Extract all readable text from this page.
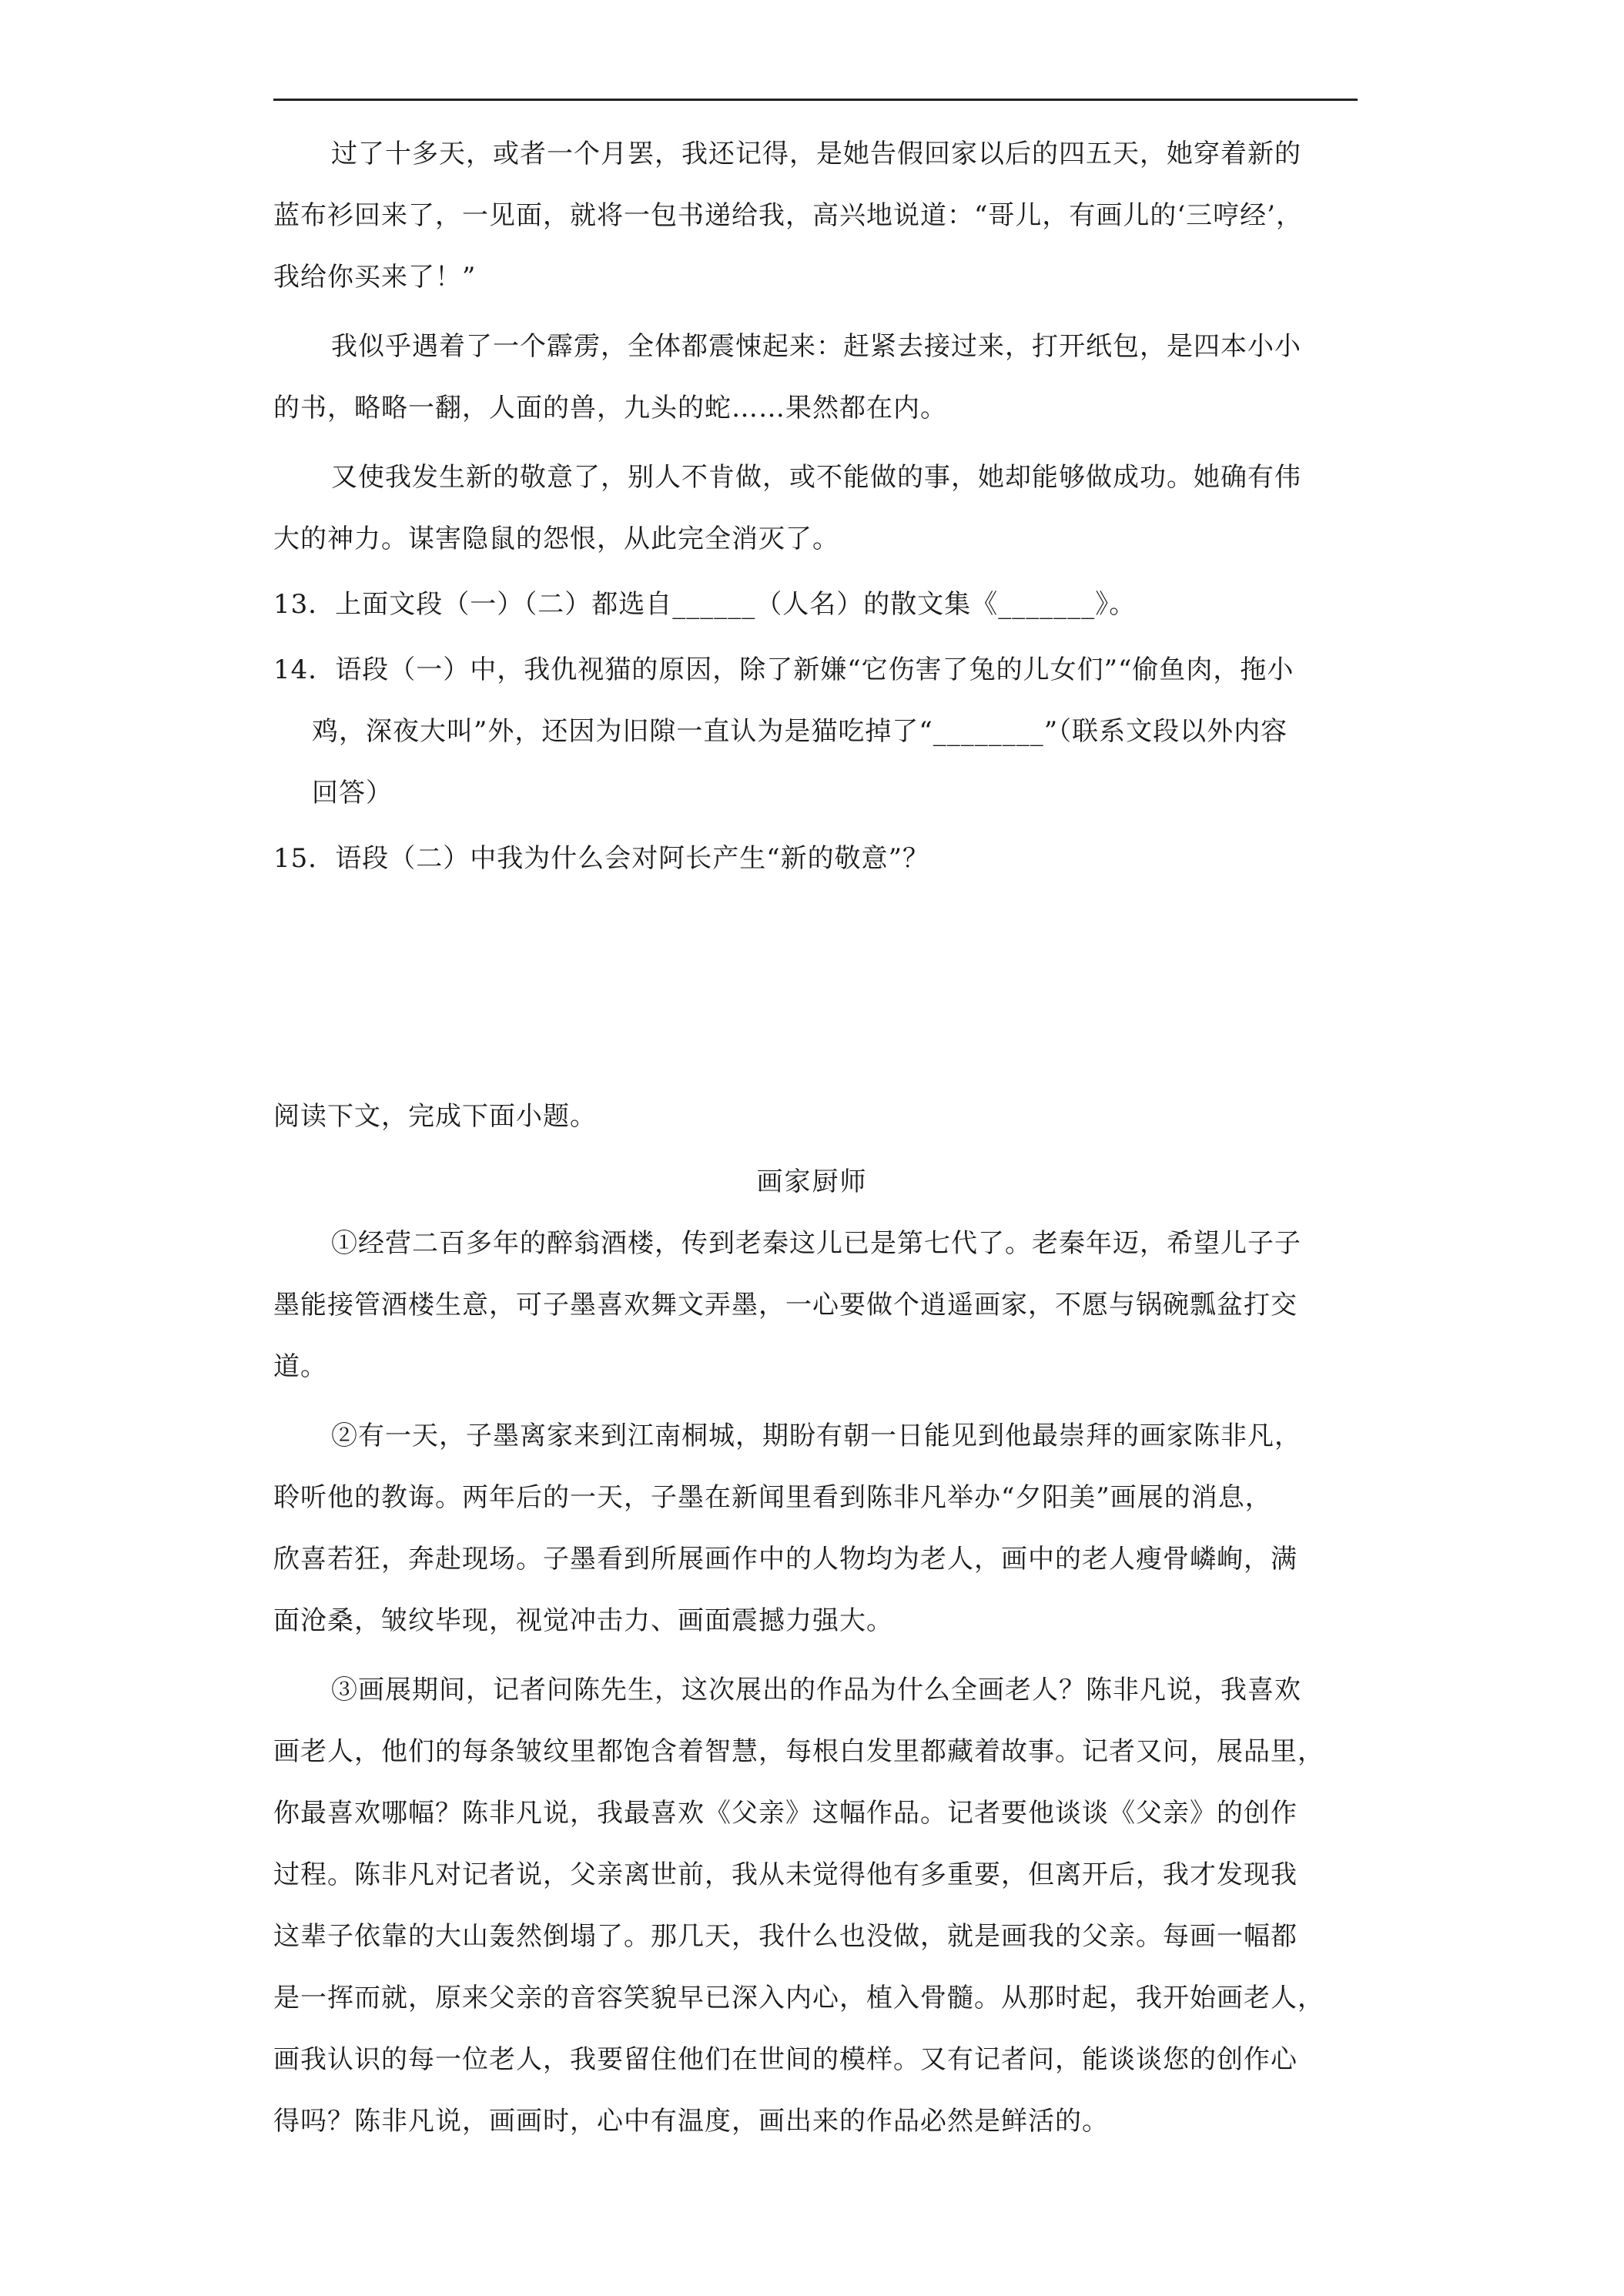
过了十多天，或者一个月罢，我还记得，是她告假回家以后的四五天，她穿着新的
蓝布衫回来了，一见面，就将一包书递给我，高兴地说道：“哥儿，有画儿的‘三哼经’，
我给你买来了！”
我似乎遇着了一个霹雳，全体都震悚起来：赶紧去接过来，打开纸包，是四本小小
的书，略略一翻，人面的兽，九头的蛇……果然都在内。
又使我发生新的敬意了，别人不肯做，或不能做的事，她却能够做成功。她确有伟
大的神力。谋害隐鼠的怨恨，从此完全消灭了。
13．上面文段（一）（二）都选自______（人名）的散文集《_______》。
14．语段（一）中，我仇视猫的原因，除了新嫌“它伤害了兔的儿女们”“偷鱼肉，拖小
鸡，深夜大叫”外，还因为旧隙一直认为是猫吃掉了“________”（联系文段以外内容
回答）
15．语段（二）中我为什么会对阿长产生“新的敬意”？
阅读下文，完成下面小题。
画家厨师
①经营二百多年的醉翁酒楼，传到老秦这儿已是第七代了。老秦年迈，希望儿子子
墨能接管酒楼生意，可子墨喜欢舞文弄墨，一心要做个逍遥画家，不愿与锅碗瓢盆打交
道。
②有一天，子墨离家来到江南桐城，期盼有朝一日能见到他最崇拜的画家陈非凡，
聆听他的教诲。两年后的一天，子墨在新闻里看到陈非凡举办“夕阳美”画展的消息，
欣喜若狂，奔赴现场。子墨看到所展画作中的人物均为老人，画中的老人瘦骨嶙峋，满
面沧桑，皱纹毕现，视觉冲击力、画面震撼力强大。
③画展期间，记者问陈先生，这次展出的作品为什么全画老人？陈非凡说，我喜欢
画老人，他们的每条皱纹里都饱含着智慧，每根白发里都藏着故事。记者又问，展品里，
你最喜欢哪幅？陈非凡说，我最喜欢《父亲》这幅作品。记者要他谈谈《父亲》的创作
过程。陈非凡对记者说，父亲离世前，我从未觉得他有多重要，但离开后，我才发现我
这辈子依靠的大山轰然倒塌了。那几天，我什么也没做，就是画我的父亲。每画一幅都
是一挥而就，原来父亲的音容笑貌早已深入内心，植入骨髓。从那时起，我开始画老人，
画我认识的每一位老人，我要留住他们在世间的模样。又有记者问，能谈谈您的创作心
得吗？陈非凡说，画画时，心中有温度，画出来的作品必然是鲜活的。
